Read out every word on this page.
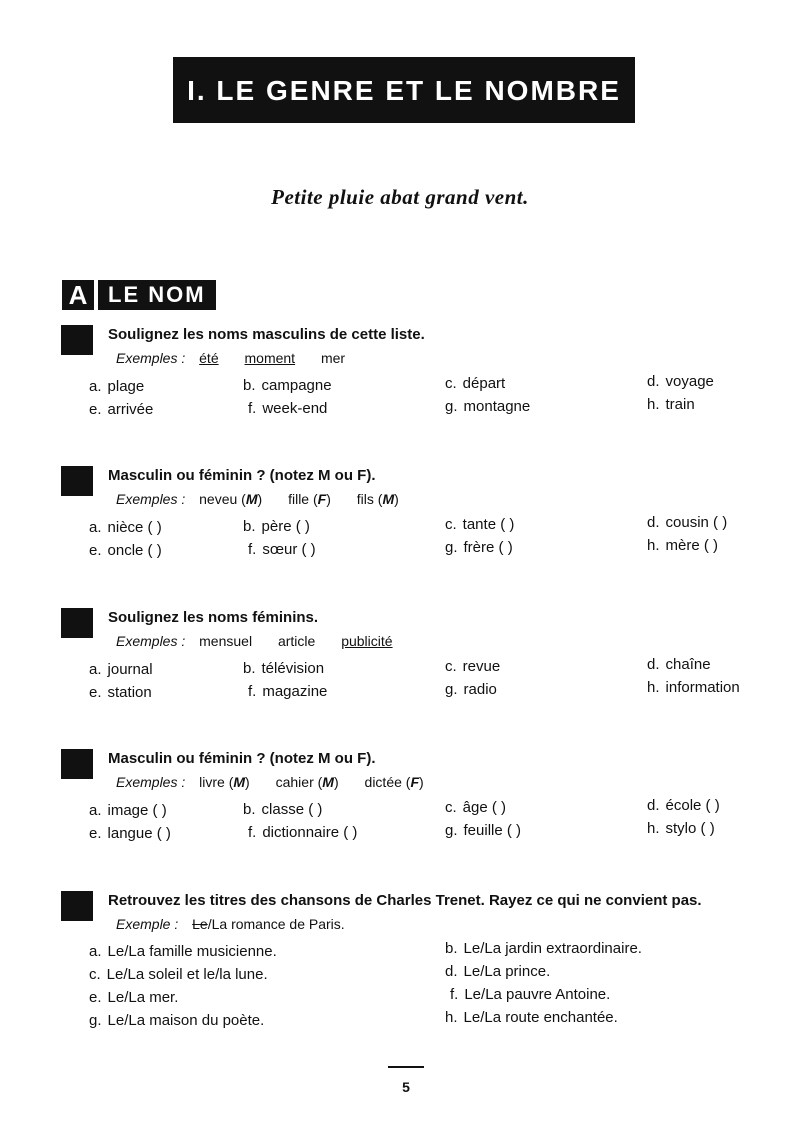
I. LE GENRE ET LE NOMBRE
Petite pluie abat grand vent.
A LE NOM
Soulignez les noms masculins de cette liste.
Exemples : été moment mer
a. plage	b. campagne	c. départ	d. voyage
e. arrivée	f. week-end	g. montagne	h. train
Masculin ou féminin ? (notez M ou F).
Exemples : neveu (M) fille (F) fils (M)
a. nièce ( )	b. père ( )	c. tante ( )	d. cousin ( )
e. oncle ( )	f. sœur ( )	g. frère ( )	h. mère ( )
Soulignez les noms féminins.
Exemples : mensuel article publicité
a. journal	b. télévision	c. revue	d. chaîne
e. station	f. magazine	g. radio	h. information
Masculin ou féminin ? (notez M ou F).
Exemples : livre (M) cahier (M) dictée (F)
a. image ( )	b. classe ( )	c. âge ( )	d. école ( )
e. langue ( )	f. dictionnaire ( )	g. feuille ( )	h. stylo ( )
Retrouvez les titres des chansons de Charles Trenet. Rayez ce qui ne convient pas.
Exemple : Le/La romance de Paris.
a. Le/La famille musicienne.	b. Le/La jardin extraordinaire.
c. Le/La soleil et le/la lune.	d. Le/La prince.
e. Le/La mer.	f. Le/La pauvre Antoine.
g. Le/La maison du poète.	h. Le/La route enchantée.
5
